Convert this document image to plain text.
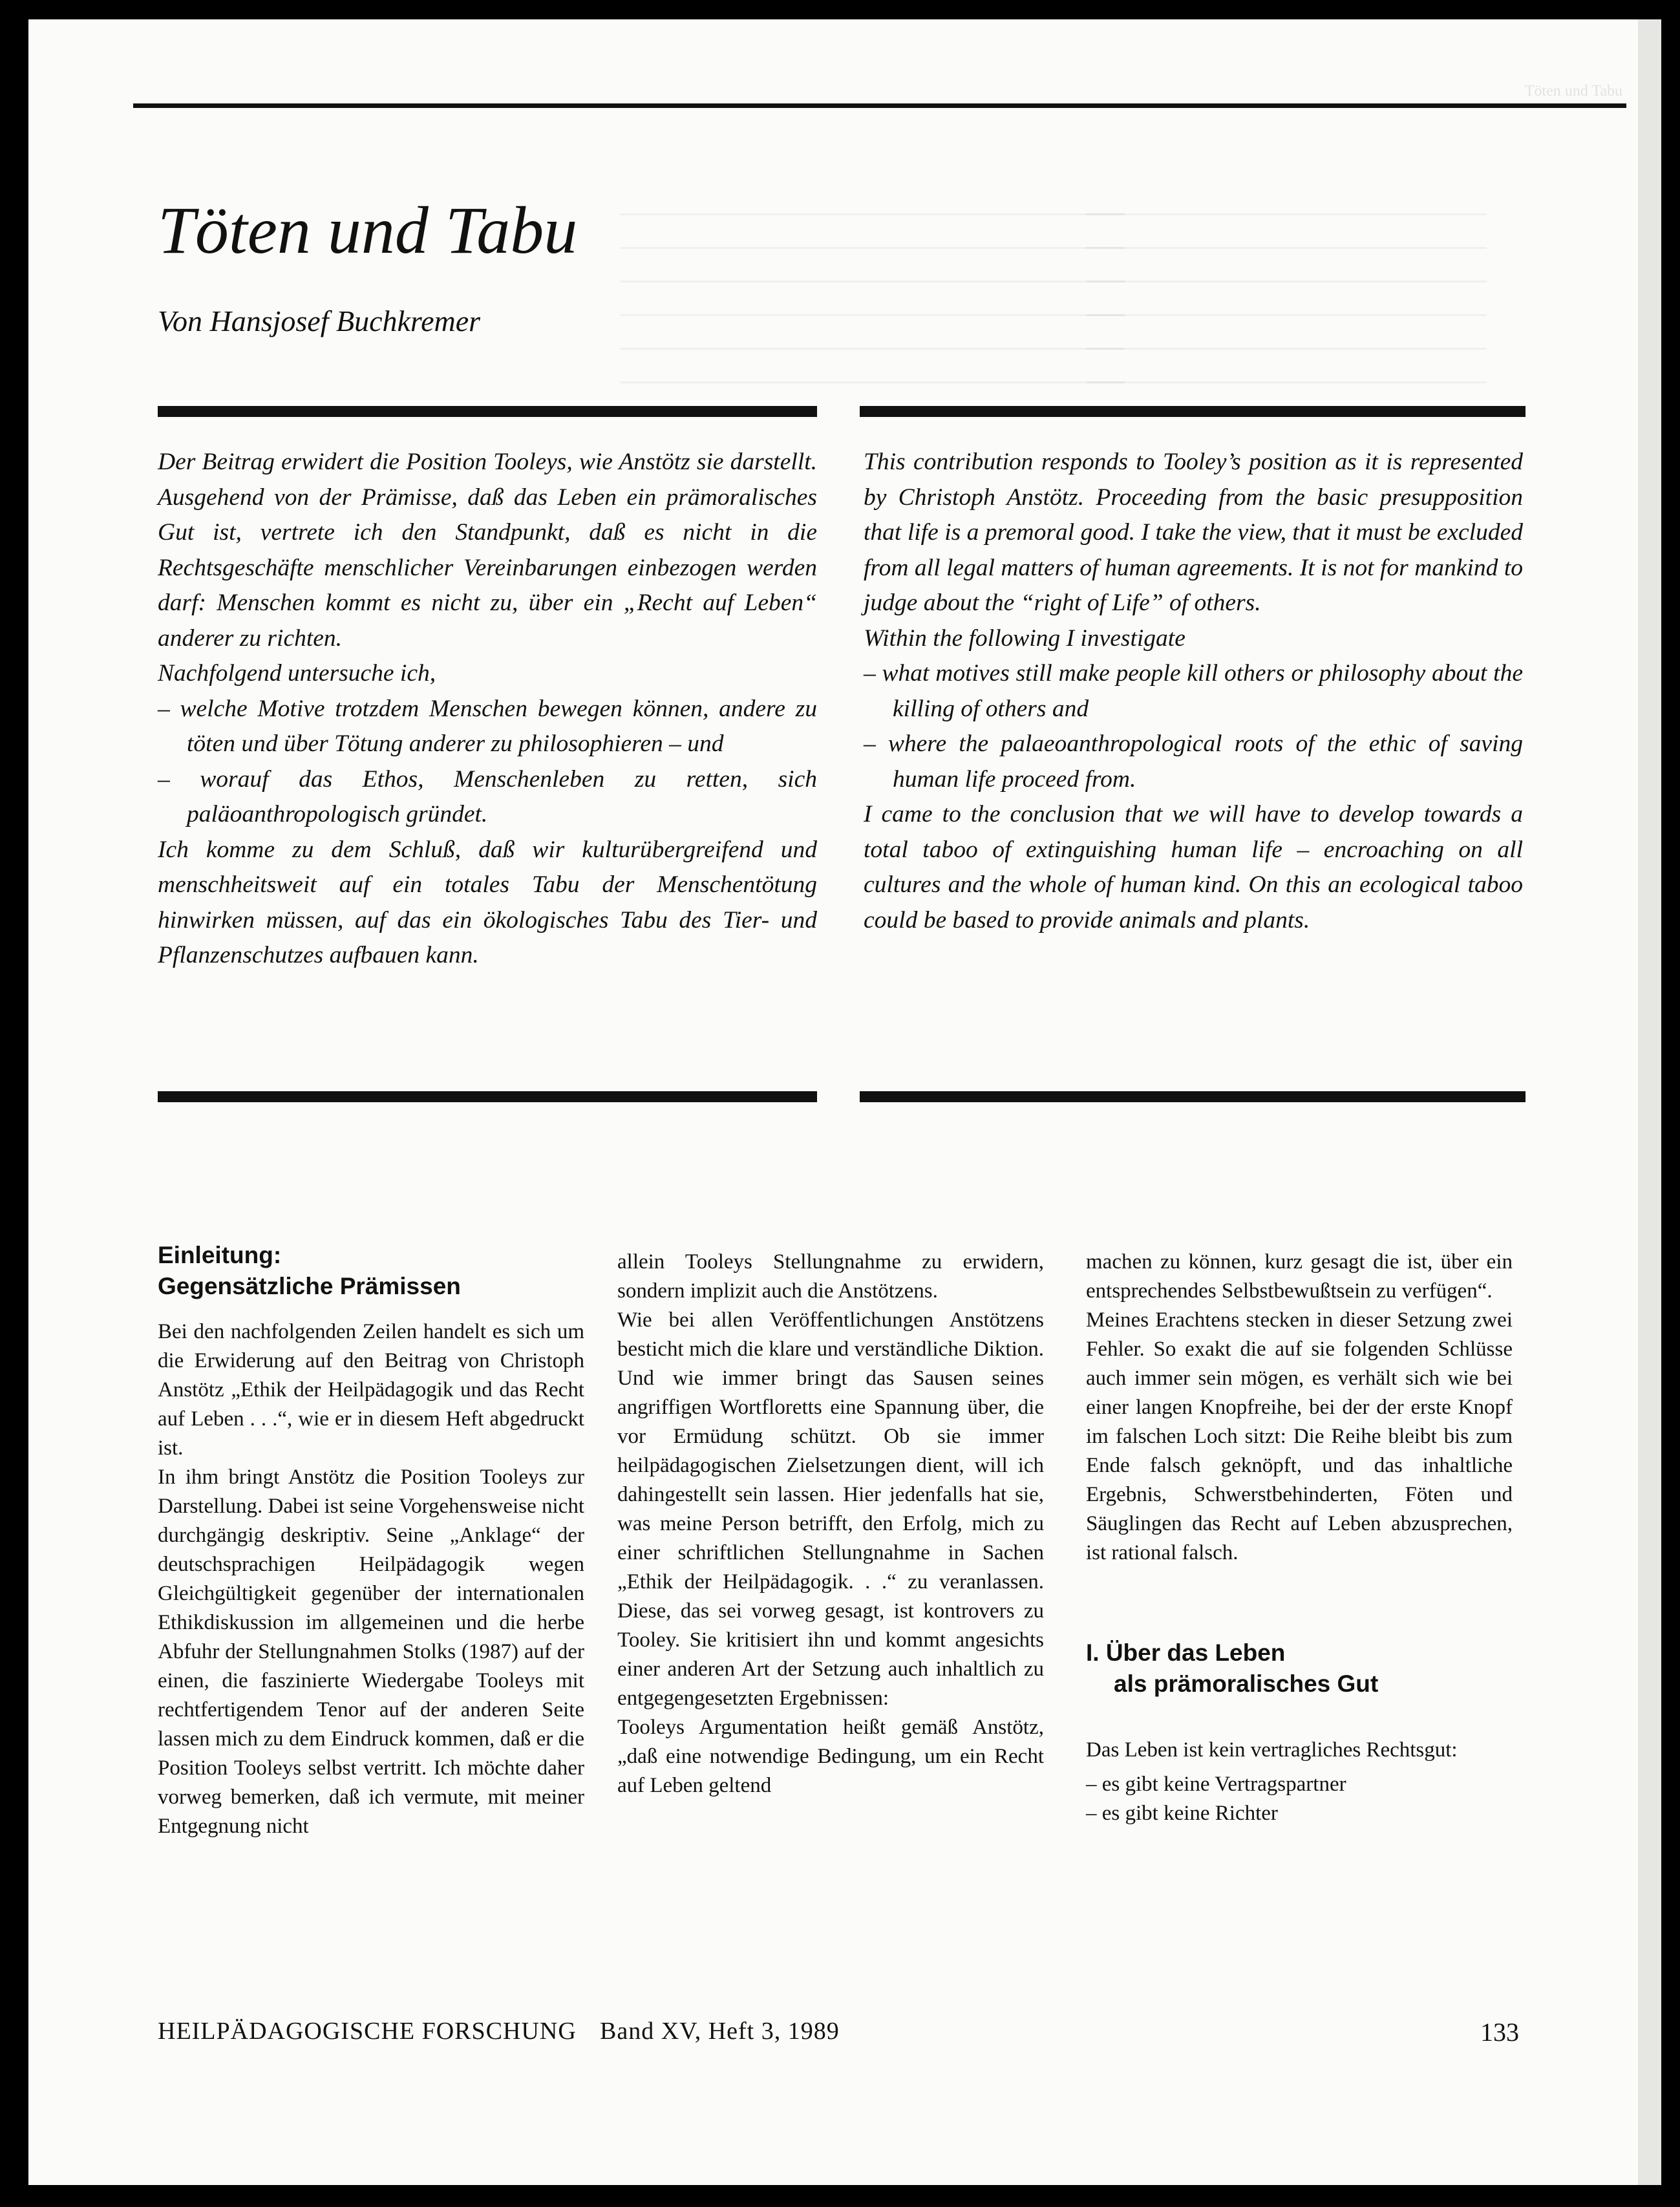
Töten und Tabu
Töten und Tabu
Von Hansjosef Buchkremer

Der Beitrag erwidert die Position Tooleys, wie Anstötz sie darstellt. Ausgehend von der Prämisse, daß das Leben ein prämoralisches Gut ist, vertrete ich den Standpunkt, daß es nicht in die Rechtsgeschäfte menschlicher Vereinbarungen einbezogen werden darf: Menschen kommt es nicht zu, über ein „Recht auf Leben“ anderer zu richten.

Nachfolgend untersuche ich,

– welche Motive trotzdem Menschen bewegen können, andere zu töten und über Tötung anderer zu philosophieren – und

– worauf das Ethos, Menschenleben zu retten, sich paläoanthropologisch gründet.

Ich komme zu dem Schluß, daß wir kulturübergreifend und menschheitsweit auf ein totales Tabu der Menschentötung hinwirken müssen, auf das ein ökologisches Tabu des Tier- und Pflanzenschutzes aufbauen kann.

This contribution responds to Tooley’s position as it is represented by Christoph Anstötz. Proceeding from the basic presupposition that life is a premoral good. I take the view, that it must be excluded from all legal matters of human agreements. It is not for mankind to judge about the “right of Life” of others.

Within the following I investigate

– what motives still make people kill others or philosophy about the killing of others and

– where the palaeoanthropological roots of the ethic of saving human life proceed from.

I came to the conclusion that we will have to develop towards a total taboo of extinguishing human life – encroaching on all cultures and the whole of human kind. On this an ecological taboo could be based to provide animals and plants.

Einleitung:
Gegensätzliche Prämissen

Bei den nachfolgenden Zeilen handelt es sich um die Erwiderung auf den Beitrag von Christoph Anstötz „Ethik der Heilpädagogik und das Recht auf Leben . . .“, wie er in diesem Heft abgedruckt ist.

In ihm bringt Anstötz die Position Tooleys zur Darstellung. Dabei ist seine Vorgehensweise nicht durchgängig deskriptiv. Seine „Anklage“ der deutschsprachigen Heilpädagogik wegen Gleichgültigkeit gegenüber der internationalen Ethikdiskussion im allgemeinen und die herbe Abfuhr der Stellungnahmen Stolks (1987) auf der einen, die faszinierte Wiedergabe Tooleys mit rechtfertigendem Tenor auf der anderen Seite lassen mich zu dem Eindruck kommen, daß er die Position Tooleys selbst vertritt. Ich möchte daher vorweg bemerken, daß ich vermute, mit meiner Entgegnung nicht

allein Tooleys Stellungnahme zu erwidern, sondern implizit auch die Anstötzens.

Wie bei allen Veröffentlichungen Anstötzens besticht mich die klare und verständliche Diktion. Und wie immer bringt das Sausen seines angriffigen Wortfloretts eine Spannung über, die vor Ermüdung schützt. Ob sie immer heilpädagogischen Zielsetzungen dient, will ich dahingestellt sein lassen. Hier jedenfalls hat sie, was meine Person betrifft, den Erfolg, mich zu einer schriftlichen Stellungnahme in Sachen „Ethik der Heilpädagogik. . .“ zu veranlassen. Diese, das sei vorweg gesagt, ist kontrovers zu Tooley. Sie kritisiert ihn und kommt angesichts einer anderen Art der Setzung auch inhaltlich zu entgegengesetzten Ergebnissen:

Tooleys Argumentation heißt gemäß Anstötz, „daß eine notwendige Bedingung, um ein Recht auf Leben geltend

machen zu können, kurz gesagt die ist, über ein entsprechendes Selbstbewußtsein zu verfügen“.

Meines Erachtens stecken in dieser Setzung zwei Fehler. So exakt die auf sie folgenden Schlüsse auch immer sein mögen, es verhält sich wie bei einer langen Knopfreihe, bei der der erste Knopf im falschen Loch sitzt: Die Reihe bleibt bis zum Ende falsch geknöpft, und das inhaltliche Ergebnis, Schwerstbehinderten, Föten und Säuglingen das Recht auf Leben abzusprechen, ist rational falsch.

I. Über das Leben
als prämoralisches Gut

Das Leben ist kein vertragliches Rechtsgut:

– es gibt keine Vertragspartner

– es gibt keine Richter

HEILPÄDAGOGISCHE FORSCHUNG Band XV, Heft 3, 1989	133
